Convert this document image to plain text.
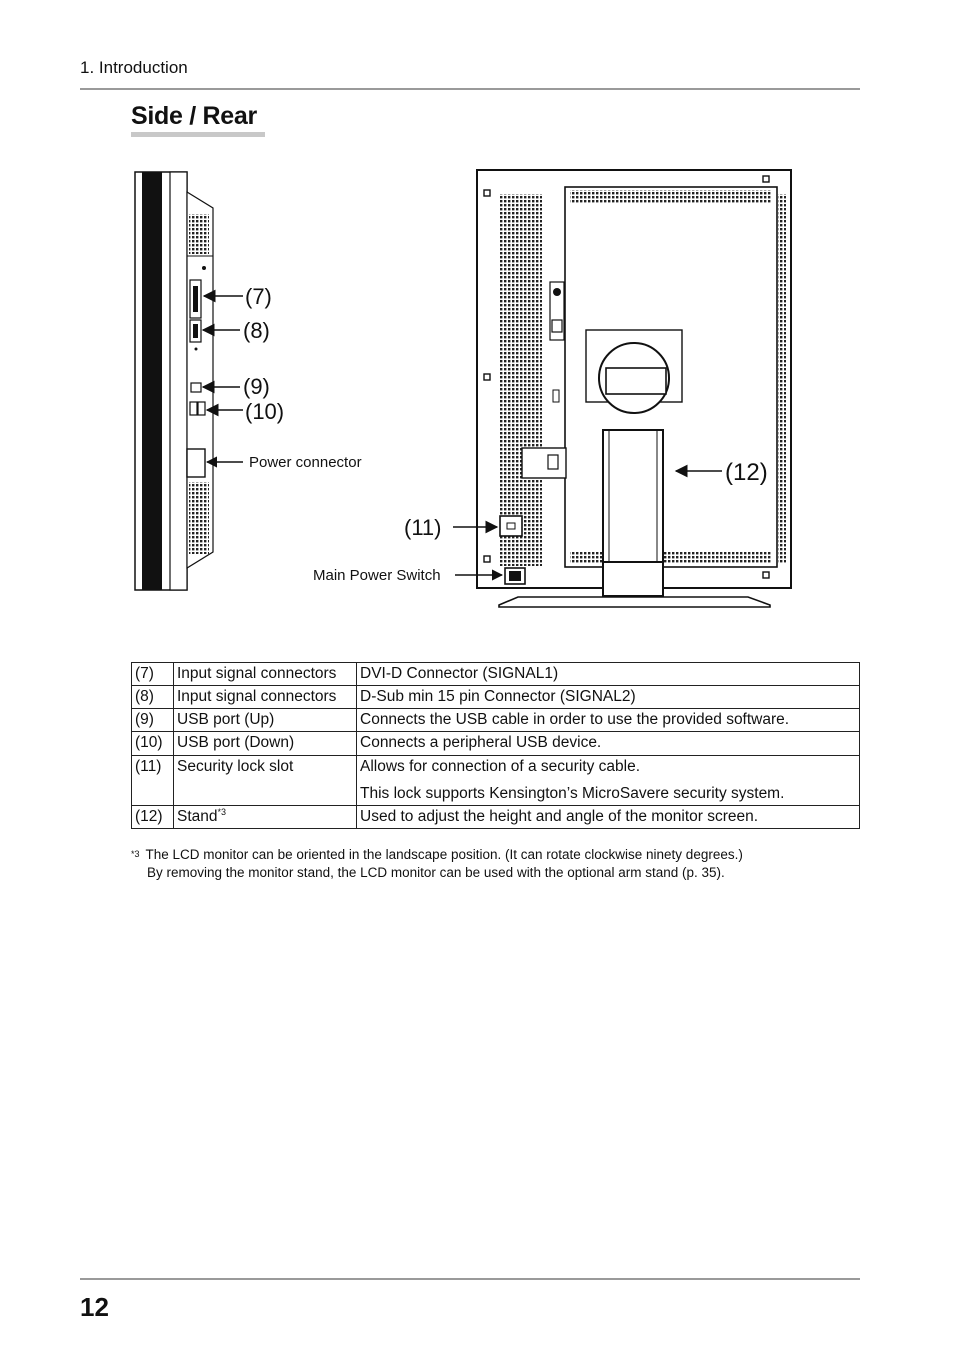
1. Introduction
Side / Rear
(7)
(8)
(9)
(10)
Power connector	(12)
(11)
Main Power Switch
(7)	Input signal connectors	DVI-D Connector (SIGNAL1)
(8)	Input signal connectors	D-Sub min 15 pin Connector (SIGNAL2)
(9)	USB port (Up)	Connects the USB cable in order to use the provided software.
(10)	USB port (Down)	Connects a peripheral USB device.
(11)	Security lock slot	Allows for connection of a security cable.
This lock supports Kensington’s MicroSavere security system.

(12)	Stand$^{*3}$	Used to adjust the height and angle of the monitor screen.
$^{*3}$ The LCD monitor can be oriented in the landscape position. (It can rotate clockwise ninety degrees.)
By removing the monitor stand, the LCD monitor can be used with the optional arm stand (p. 35).
12
